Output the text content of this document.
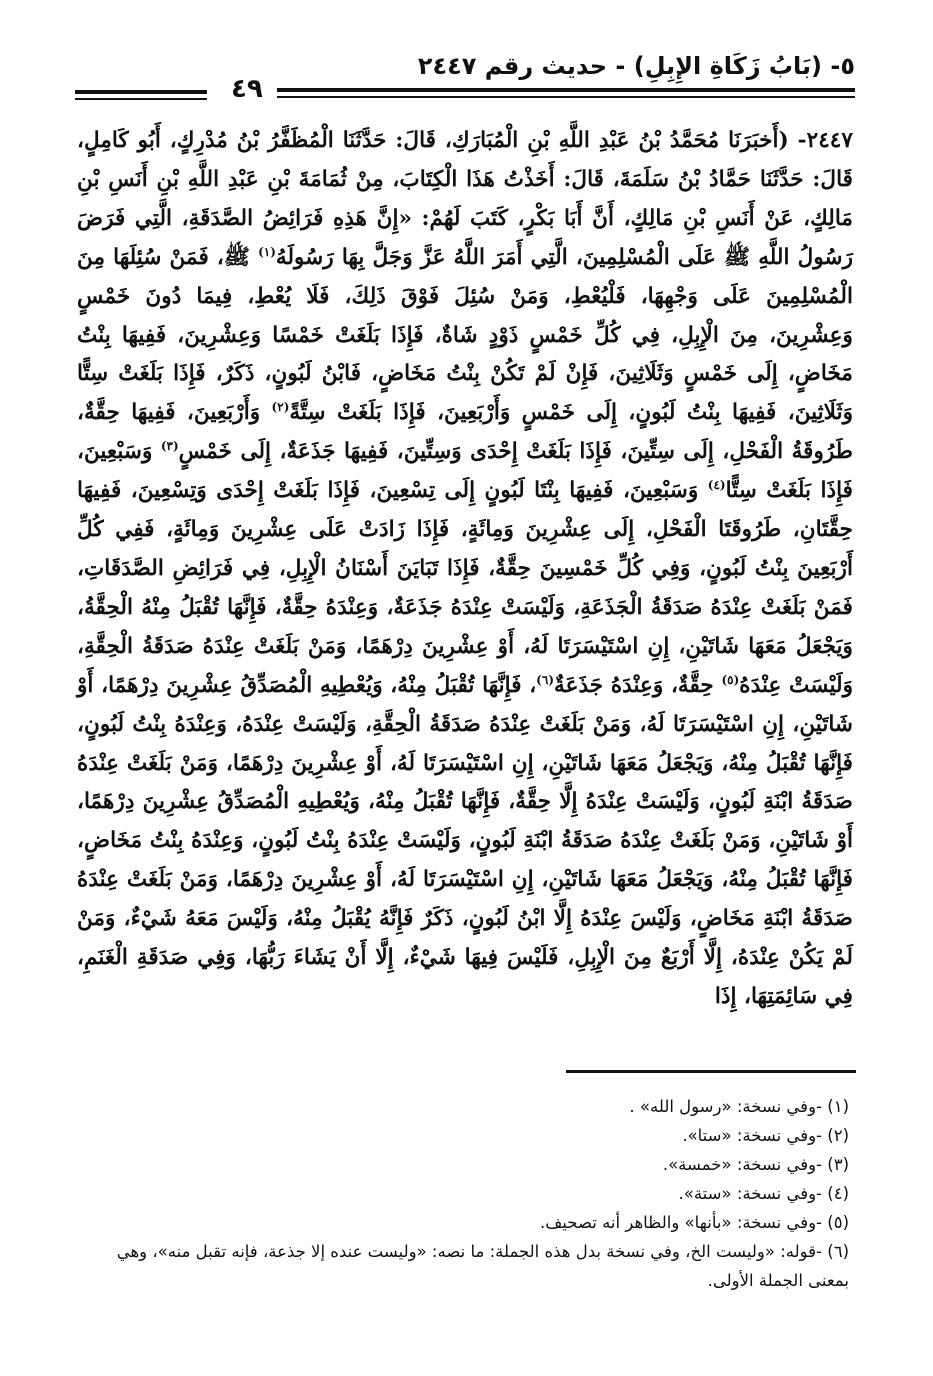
٥- (بَابُ زَكَاةِ الإِبِلِ) - حديث رقم ٢٤٤٧
٤٩

٢٤٤٧- (أَخبَرَنَا مُحَمَّدُ بْنُ عَبْدِ اللَّهِ بْنِ الْمُبَارَكِ، قَالَ: حَدَّثَنَا الْمُظَفَّرُ بْنُ مُدْرِكٍ، أَبُو كَامِلٍ، قَالَ: حَدَّثَنَا حَمَّادُ بْنُ سَلَمَةَ، قَالَ: أَخَذْتُ هَذَا الْكِتَابَ، مِنْ ثُمَامَةَ بْنِ عَبْدِ اللَّهِ بْنِ أَنَسِ بْنِ مَالِكٍ، عَنْ أَنَسِ بْنِ مَالِكٍ، أَنَّ أَبَا بَكْرٍ، كَتَبَ لَهُمْ: «إِنَّ هَذِهِ فَرَائِضُ الصَّدَقَةِ، الَّتِي فَرَضَ رَسُولُ اللَّهِ ﷺ عَلَى الْمُسْلِمِينَ، الَّتِي أَمَرَ اللَّهُ عَزَّ وَجَلَّ بِهَا رَسُولَهُ$^{(١)}$ ﷺ، فَمَنْ سُئِلَهَا مِنَ الْمُسْلِمِينَ عَلَى وَجْهِهَا، فَلْيُعْطِ، وَمَنْ سُئِلَ فَوْقَ ذَلِكَ، فَلَا يُعْطِ، فِيمَا دُونَ خَمْسٍ وَعِشْرِينَ، مِنَ الْإِبِلِ، فِي كُلِّ خَمْسٍ ذَوْدٍ شَاةٌ، فَإِذَا بَلَغَتْ خَمْسًا وَعِشْرِينَ، فَفِيهَا بِنْتُ مَخَاضٍ، إِلَى خَمْسٍ وَثَلَاثِينَ، فَإِنْ لَمْ تَكُنْ بِنْتُ مَخَاضٍ، فَابْنُ لَبُونٍ، ذَكَرٌ، فَإِذَا بَلَغَتْ سِتًّا وَثَلَاثِينَ، فَفِيهَا بِنْتُ لَبُونٍ، إِلَى خَمْسٍ وَأَرْبَعِينَ، فَإِذَا بَلَغَتْ سِتَّةً$^{(٢)}$ وَأَرْبَعِينَ، فَفِيهَا حِقَّةٌ، طَرُوقَةُ الْفَحْلِ، إِلَى سِتِّينَ، فَإِذَا بَلَغَتْ إِحْدَى وَسِتِّينَ، فَفِيهَا جَذَعَةٌ، إِلَى خَمْسٍ$^{(٣)}$ وَسَبْعِينَ، فَإِذَا بَلَغَتْ سِتًّا$^{(٤)}$ وَسَبْعِينَ، فَفِيهَا بِنْتَا لَبُونٍ إِلَى تِسْعِينَ، فَإِذَا بَلَغَتْ إِحْدَى وَتِسْعِينَ، فَفِيهَا حِقَّتَانِ، طَرُوقَتَا الْفَحْلِ، إِلَى عِشْرِينَ وَمِائَةٍ، فَإِذَا زَادَتْ عَلَى عِشْرِينَ وَمِائَةٍ، فَفِي كُلِّ أَرْبَعِينَ بِنْتُ لَبُونٍ، وَفِي كُلِّ خَمْسِينَ حِقَّةٌ، فَإِذَا تَبَايَنَ أَسْنَانُ الْإِبِلِ، فِي فَرَائِضِ الصَّدَقَاتِ، فَمَنْ بَلَغَتْ عِنْدَهُ صَدَقَةُ الْجَذَعَةِ، وَلَيْسَتْ عِنْدَهُ جَذَعَةٌ، وَعِنْدَهُ حِقَّةٌ، فَإِنَّهَا تُقْبَلُ مِنْهُ الْحِقَّةُ، وَيَجْعَلُ مَعَهَا شَاتَيْنِ، إِنِ اسْتَيْسَرَتَا لَهُ، أَوْ عِشْرِينَ دِرْهَمًا، وَمَنْ بَلَغَتْ عِنْدَهُ صَدَقَةُ الْحِقَّةِ، وَلَيْسَتْ عِنْدَهُ$^{(٥)}$ حِقَّةٌ، وَعِنْدَهُ جَذَعَةٌ$^{(٦)}$، فَإِنَّهَا تُقْبَلُ مِنْهُ، وَيُعْطِيهِ الْمُصَدِّقُ عِشْرِينَ دِرْهَمًا، أَوْ شَاتَيْنِ، إِنِ اسْتَيْسَرَتَا لَهُ، وَمَنْ بَلَغَتْ عِنْدَهُ صَدَقَةُ الْحِقَّةِ، وَلَيْسَتْ عِنْدَهُ، وَعِنْدَهُ بِنْتُ لَبُونٍ، فَإِنَّهَا تُقْبَلُ مِنْهُ، وَيَجْعَلُ مَعَهَا شَاتَيْنِ، إِنِ اسْتَيْسَرَتَا لَهُ، أَوْ عِشْرِينَ دِرْهَمًا، وَمَنْ بَلَغَتْ عِنْدَهُ صَدَقَةُ ابْنَةِ لَبُونٍ، وَلَيْسَتْ عِنْدَهُ إِلَّا حِقَّةٌ، فَإِنَّهَا تُقْبَلُ مِنْهُ، وَيُعْطِيهِ الْمُصَدِّقُ عِشْرِينَ دِرْهَمًا، أَوْ شَاتَيْنِ، وَمَنْ بَلَغَتْ عِنْدَهُ صَدَقَةُ ابْنَةِ لَبُونٍ، وَلَيْسَتْ عِنْدَهُ بِنْتُ لَبُونٍ، وَعِنْدَهُ بِنْتُ مَخَاضٍ، فَإِنَّهَا تُقْبَلُ مِنْهُ، وَيَجْعَلُ مَعَهَا شَاتَيْنِ، إِنِ اسْتَيْسَرَتَا لَهُ، أَوْ عِشْرِينَ دِرْهَمًا، وَمَنْ بَلَغَتْ عِنْدَهُ صَدَقَةُ ابْنَةِ مَخَاضٍ، وَلَيْسَ عِنْدَهُ إِلَّا ابْنُ لَبُونٍ، ذَكَرٌ فَإِنَّهُ يُقْبَلُ مِنْهُ، وَلَيْسَ مَعَهُ شَيْءٌ، وَمَنْ لَمْ يَكُنْ عِنْدَهُ، إِلَّا أَرْبَعٌ مِنَ الْإِبِلِ، فَلَيْسَ فِيهَا شَيْءٌ، إِلَّا أَنْ يَشَاءَ رَبُّهَا، وَفِي صَدَقَةِ الْغَنَمِ، فِي سَائِمَتِهَا، إِذَا

(١) -وفي نسخة: «رسول الله» .

(٢) -وفي نسخة: «ستا».

(٣) -وفي نسخة: «خمسة».

(٤) -وفي نسخة: «ستة».

(٥) -وفي نسخة: «بأنها» والظاهر أنه تصحيف.

(٦) -قوله: «وليست الخ، وفي نسخة بدل هذه الجملة: ما نصه: «وليست عنده إلا جذعة، فإنه تقبل منه»، وهي بمعنى الجملة الأولى.
